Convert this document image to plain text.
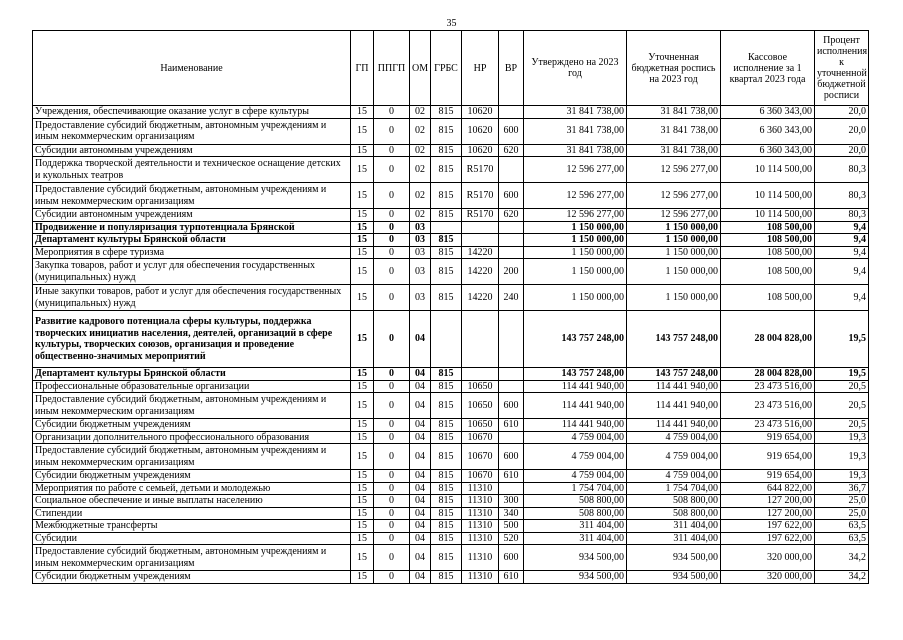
35
Наименование	ГП	ППГП	ОМ	ГРБС	НР	ВР	Утверждено на 2023 год	Уточненная бюджетная роспись на 2023 год	Кассовое исполнение за 1 квартал 2023 года	Процент исполнения к уточненной бюджетной росписи
Учреждения, обеспечивающие оказание услуг в сфере культуры	15	0	02	815	10620		31 841 738,00	31 841 738,00	6 360 343,00	20,0
Предоставление субсидий бюджетным, автономным учреждениям и иным некоммерческим организациям	15	0	02	815	10620	600	31 841 738,00	31 841 738,00	6 360 343,00	20,0
Субсидии автономным учреждениям	15	0	02	815	10620	620	31 841 738,00	31 841 738,00	6 360 343,00	20,0
Поддержка творческой деятельности и техническое оснащение детских и кукольных театров	15	0	02	815	R5170		12 596 277,00	12 596 277,00	10 114 500,00	80,3
Предоставление субсидий бюджетным, автономным учреждениям и иным некоммерческим организациям	15	0	02	815	R5170	600	12 596 277,00	12 596 277,00	10 114 500,00	80,3
Субсидии автономным учреждениям	15	0	02	815	R5170	620	12 596 277,00	12 596 277,00	10 114 500,00	80,3
Продвижение и популяризация турпотенциала Брянской	15	0	03				1 150 000,00	1 150 000,00	108 500,00	9,4
Департамент культуры Брянской области	15	0	03	815			1 150 000,00	1 150 000,00	108 500,00	9,4
Мероприятия в сфере туризма	15	0	03	815	14220		1 150 000,00	1 150 000,00	108 500,00	9,4
Закупка товаров, работ и услуг для обеспечения государственных (муниципальных) нужд	15	0	03	815	14220	200	1 150 000,00	1 150 000,00	108 500,00	9,4
Иные закупки товаров, работ и услуг для обеспечения государственных (муниципальных) нужд	15	0	03	815	14220	240	1 150 000,00	1 150 000,00	108 500,00	9,4
Развитие кадрового потенциала сферы культуры, поддержка творческих инициатив населения, деятелей, организаций в сфере культуры, творческих союзов, организация и проведение общественно-значимых мероприятий	15	0	04				143 757 248,00	143 757 248,00	28 004 828,00	19,5
Департамент культуры Брянской области	15	0	04	815			143 757 248,00	143 757 248,00	28 004 828,00	19,5
Профессиональные образовательные организации	15	0	04	815	10650		114 441 940,00	114 441 940,00	23 473 516,00	20,5
Предоставление субсидий бюджетным, автономным учреждениям и иным некоммерческим организациям	15	0	04	815	10650	600	114 441 940,00	114 441 940,00	23 473 516,00	20,5
Субсидии бюджетным учреждениям	15	0	04	815	10650	610	114 441 940,00	114 441 940,00	23 473 516,00	20,5
Организации дополнительного профессионального образования	15	0	04	815	10670		4 759 004,00	4 759 004,00	919 654,00	19,3
Предоставление субсидий бюджетным, автономным учреждениям и иным некоммерческим организациям	15	0	04	815	10670	600	4 759 004,00	4 759 004,00	919 654,00	19,3
Субсидии бюджетным учреждениям	15	0	04	815	10670	610	4 759 004,00	4 759 004,00	919 654,00	19,3
Мероприятия по работе с семьей, детьми и молодежью	15	0	04	815	11310		1 754 704,00	1 754 704,00	644 822,00	36,7
Социальное обеспечение и иные выплаты населению	15	0	04	815	11310	300	508 800,00	508 800,00	127 200,00	25,0
Стипендии	15	0	04	815	11310	340	508 800,00	508 800,00	127 200,00	25,0
Межбюджетные трансферты	15	0	04	815	11310	500	311 404,00	311 404,00	197 622,00	63,5
Субсидии	15	0	04	815	11310	520	311 404,00	311 404,00	197 622,00	63,5
Предоставление субсидий бюджетным, автономным учреждениям и иным некоммерческим организациям	15	0	04	815	11310	600	934 500,00	934 500,00	320 000,00	34,2
Субсидии бюджетным учреждениям	15	0	04	815	11310	610	934 500,00	934 500,00	320 000,00	34,2
